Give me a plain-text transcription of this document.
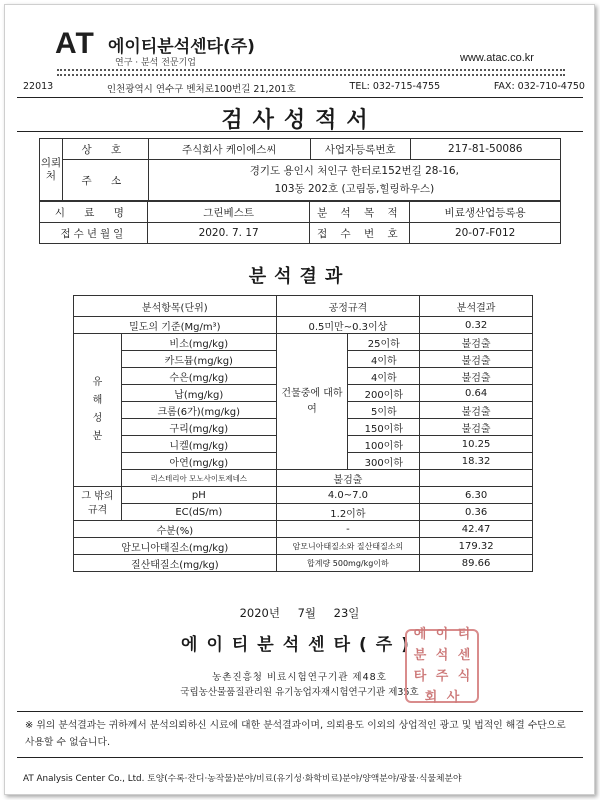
AT 에이티분석센타(주)
연구 · 분석 전문기업	www.atac.co.kr
22013	인천광역시 연수구 벤처로100번길 21,201호	TEL: 032-715-4755	FAX: 032-710-4750
검사성적서
의뢰처	상 호	주식회사 케이에스씨	사업자등록번호	217-81-50086
	주 소	경기도 용인시 처인구 한터로152번길 28-16,
103동 202호 (고림동,힐링하우스)		
시 료 명	그린베스트	분 석 목 적	비료생산업등록용
접수년월일	2020. 7. 17	접 수 번 호	20-07-F012
분석결과
분석항목(단위)		공정규격		분석결과
밀도의 기준(Mg/m³)		0.5미만~0.3이상		0.32
유해성분	비소(mg/kg)	건물중에 대하여	25이하	불검출
	카드뮴(mg/kg)		4이하	불검출
	수은(mg/kg)		4이하	불검출
	납(mg/kg)		200이하	0.64
	크롬(6가)(mg/kg)		5이하	불검출
	구리(mg/kg)		150이하	불검출
	니켈(mg/kg)		100이하	10.25
	아연(mg/kg)		300이하	18.32
	리스테리아 모노사이토제네스	불검출		
그 밖의 규격	pH	4.0~7.0		6.30
	EC(dS/m)	1.2이하		0.36
수분(%)		-		42.47
암모니아태질소(mg/kg)		암모니아태질소와 질산태질소의		179.32
질산태질소(mg/kg)		합계량 500mg/kg이하		89.66
2020년 7월 23일
에이티분석센타(주)
농촌진흥청 비료시험연구기관 제48호
국립농산물품질관리원 유기농업자재시험연구기관 제35호
에 이 티
분 석 센
타 주 식
회 사
※ 위의 분석결과는 귀하께서 분석의뢰하신 시료에 대한 분석결과이며, 의뢰용도 이외의 상업적인 광고 및 법적인 해결 수단으로 사용할 수 없습니다.
AT Analysis Center Co., Ltd. 토양(수록·잔디·농작물)분야/비료(유기성·화학비료)분야/양액분야/광물·식물체분야
